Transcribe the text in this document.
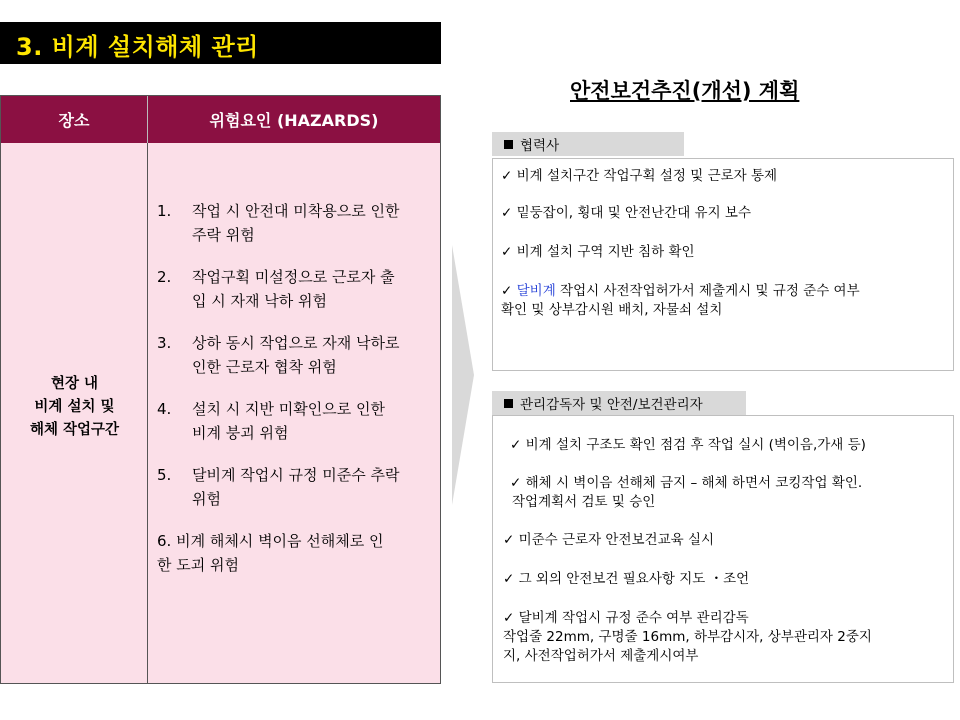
3. 비계 설치해체 관리
장소	위험요인 (HAZARDS)
현장 내
비계 설치 및
해체 작업구간
1. 작업 시 안전대 미착용으로 인한
주락 위험
2. 작업구획 미설정으로 근로자 출
입 시 자재 낙하 위험
3. 상하 동시 작업으로 자재 낙하로
인한 근로자 협착 위험
4. 설치 시 지반 미확인으로 인한
비계 붕괴 위험
5. 달비계 작업시 규정 미준수 추락
위험
6. 비계 해체시 벽이음 선해체로 인
한 도괴 위험
안전보건추진(개선) 계획
협력사
✓ 비계 설치구간 작업구획 설정 및 근로자 통제
✓ 밑둥잡이, 횡대 및 안전난간대 유지 보수
✓ 비계 설치 구역 지반 침하 확인
✓ 달비계 작업시 사전작업허가서 제출게시 및 규정 준수 여부
확인 및 상부감시원 배치, 자물쇠 설치
관리감독자 및 안전/보건관리자
✓ 비계 설치 구조도 확인 점검 후 작업 실시 (벽이음,가새 등)
✓ 해체 시 벽이음 선해체 금지 – 해체 하면서 코킹작업 확인.
작업계획서 검토 및 승인
✓ 미준수 근로자 안전보건교육 실시
✓ 그 외의 안전보건 필요사항 지도 ・조언
✓ 달비계 작업시 규정 준수 여부 관리감독
작업줄 22mm, 구명줄 16mm, 하부감시자, 상부관리자 2중지
지, 사전작업허가서 제출게시여부
